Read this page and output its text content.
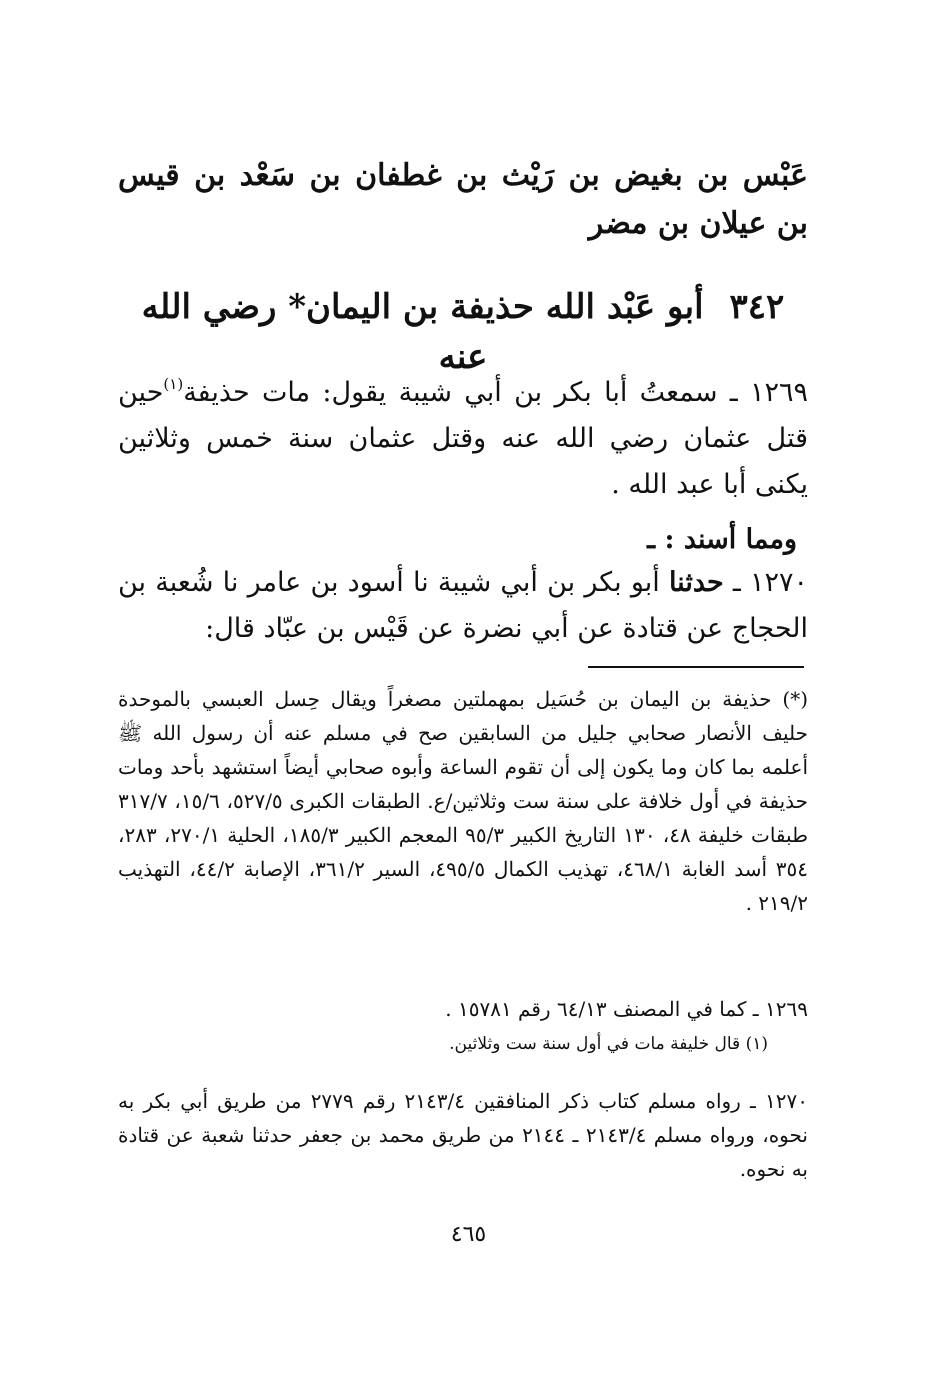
عَبْس بن بغيض بن رَيْث بن غطفان بن سَعْد بن قيس بن عيلان بن مضر
٣٤٢أبو عَبْد الله حذيفة بن اليمان* رضي الله عنه
١٢٦٩ ـ سمعتُ أبا بكر بن أبي شيبة يقول: مات حذيفة$^{(١)}$حين قتل عثمان رضي الله عنه وقتل عثمان سنة خمس وثلاثين يكنى أبا عبد الله .
ومما أسند : ـ
١٢٧٠ ـ حدثنا أبو بكر بن أبي شيبة نا أسود بن عامر نا شُعبة بن الحجاج عن قتادة عن أبي نضرة عن قَيْس بن عبّاد قال:
(*) حذيفة بن اليمان بن حُسَيل بمهملتين مصغراً ويقال حِسل العبسي بالموحدة حليف الأنصار صحابي جليل من السابقين صح في مسلم عنه أن رسول الله ﷺ أعلمه بما كان وما يكون إلى أن تقوم الساعة وأبوه صحابي أيضاً استشهد بأحد ومات حذيفة في أول خلافة على سنة ست وثلاثين/ع. الطبقات الكبرى ٥٢٧/٥، ١٥/٦، ٣١٧/٧ طبقات خليفة ٤٨، ١٣٠ التاريخ الكبير ٩٥/٣ المعجم الكبير ١٨٥/٣، الحلية ٢٧٠/١، ٢٨٣، ٣٥٤ أسد الغابة ٤٦٨/١، تهذيب الكمال ٤٩٥/٥، السير ٣٦١/٢، الإصابة ٤٤/٢، التهذيب ٢١٩/٢ .
١٢٦٩ ـ كما في المصنف ٦٤/١٣ رقم ١٥٧٨١ .
(١) قال خليفة مات في أول سنة ست وثلاثين.
١٢٧٠ ـ رواه مسلم كتاب ذكر المنافقين ٢١٤٣/٤ رقم ٢٧٧٩ من طريق أبي بكر به نحوه، ورواه مسلم ٢١٤٣/٤ ـ ٢١٤٤ من طريق محمد بن جعفر حدثنا شعبة عن قتادة به نحوه.
٤٦٥
